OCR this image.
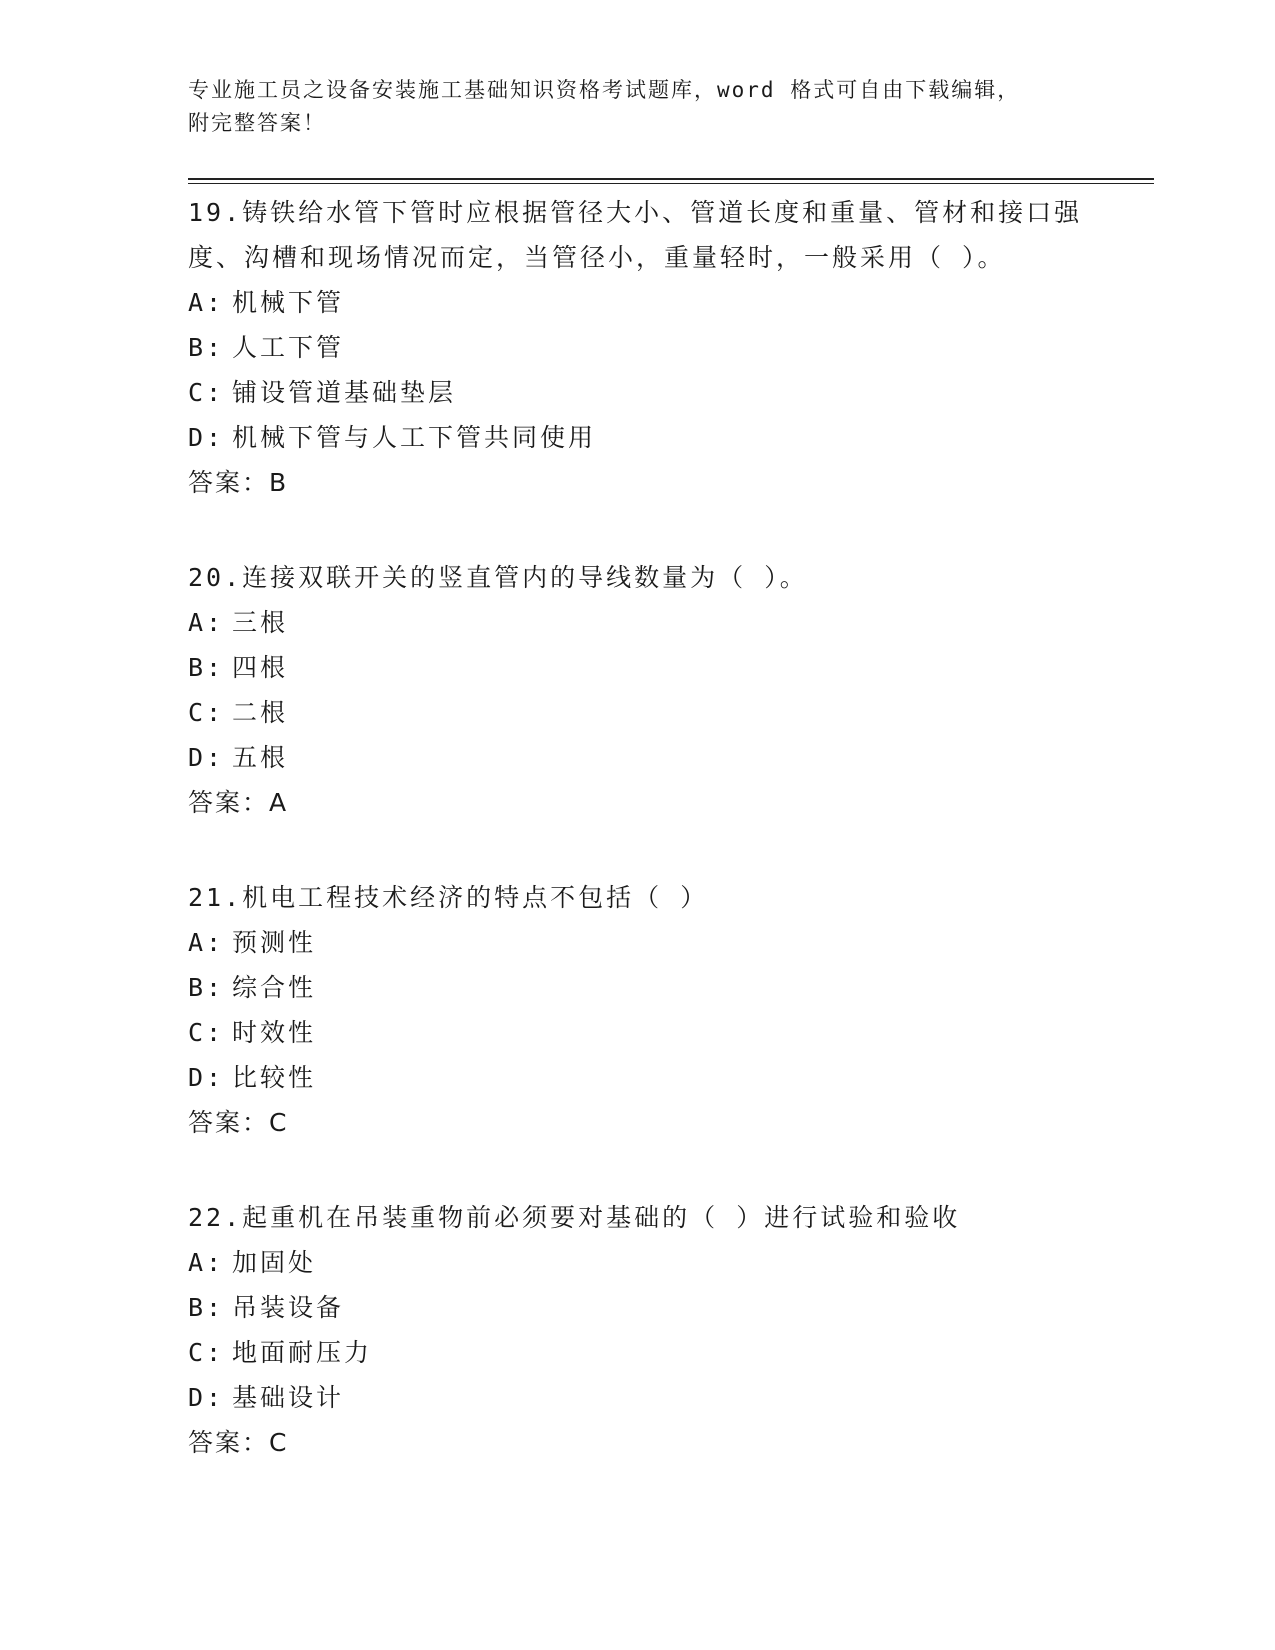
专业施工员之设备安装施工基础知识资格考试题库，word 格式可自由下载编辑，
附完整答案！

19.铸铁给水管下管时应根据管径大小、管道长度和重量、管材和接口强度、沟槽和现场情况而定，当管径小，重量轻时，一般采用（ ）。

A: 机械下管
B: 人工下管
C: 铺设管道基础垫层
D: 机械下管与人工下管共同使用
答案：B

20.连接双联开关的竖直管内的导线数量为（ ）。

A: 三根
B: 四根
C: 二根
D: 五根
答案：A

21.机电工程技术经济的特点不包括（ ）

A: 预测性
B: 综合性
C: 时效性
D: 比较性
答案：C

22.起重机在吊装重物前必须要对基础的（ ）进行试验和验收

A: 加固处
B: 吊装设备
C: 地面耐压力
D: 基础设计
答案：C
